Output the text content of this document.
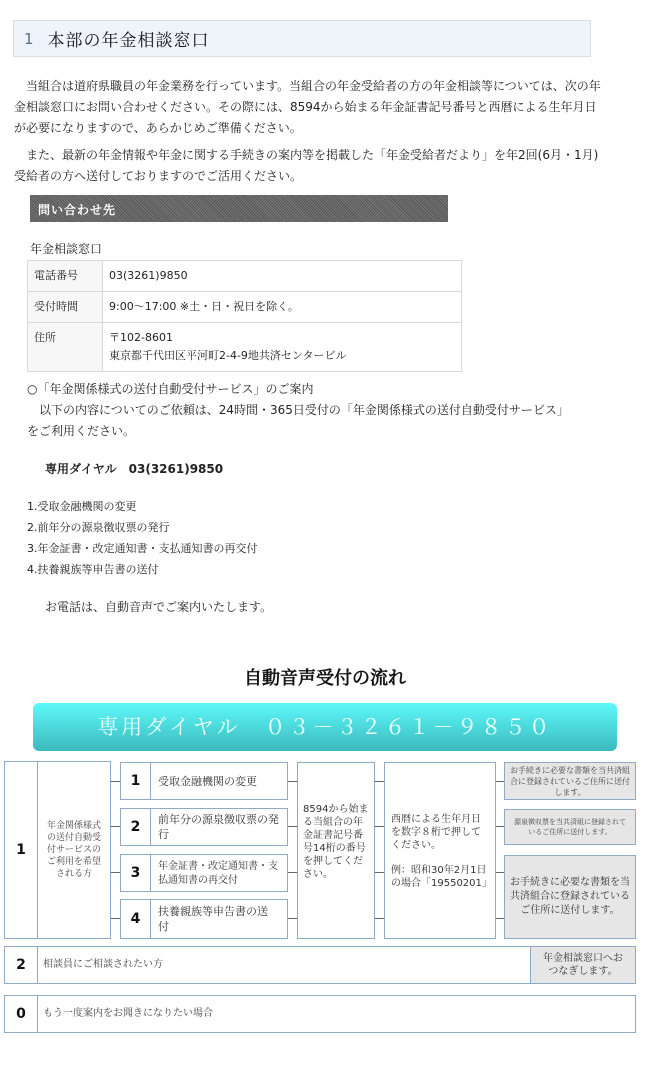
1 本部の年金相談窓口

当組合は道府県職員の年金業務を行っています。当組合の年金受給者の方の年金相談等については、次の年金相談窓口にお問い合わせください。その際には、8594から始まる年金証書記号番号と西暦による生年月日が必要になりますので、あらかじめご準備ください。

また、最新の年金情報や年金に関する手続きの案内等を掲載した「年金受給者だより」を年2回(6月・1月)受給者の方へ送付しておりますのでご活用ください。

問い合わせ先
年金相談窓口
電話番号	03(3261)9850
受付時間	9:00～17:00 ※土・日・祝日を除く。
住所	〒102-8601
東京都千代田区平河町2-4-9地共済センタービル
○「年金関係様式の送付自動受付サービス」のご案内

以下の内容についてのご依頼は、24時間・365日受付の「年金関係様式の送付自動受付サービス」をご利用ください。

専用ダイヤル　03(3261)9850
1.受取金融機関の変更
2.前年分の源泉徴収票の発行
3.年金証書・改定通知書・支払通知書の再交付
4.扶養親族等申告書の送付
お電話は、自動音声でご案内いたします。
自動音声受付の流れ
専用ダイヤル　０３－３２６１－９８５０
1
年金関係様式の送付自動受付サービスのご利用を希望される方
1	受取金融機関の変更
2	前年分の源泉徴収票の発行
3	年金証書・改定通知書・支払通知書の再交付
4	扶養親族等申告書の送付
8594から始まる当組合の年金証書記号番号14桁の番号を押してください。
西暦による生年月日を数字８桁で押してください。
例：昭和30年2月1日の場合「19550201」
お手続きに必要な書類を当共済組合に登録されているご住所に送付します。
源泉徴収票を当共済組に登録されているご住所に送付します。
お手続きに必要な書類を当共済組合に登録されているご住所に送付します。
2	相談員にご相談されたい方
年金相談窓口へおつなぎします。
0	もう一度案内をお聞きになりたい場合
